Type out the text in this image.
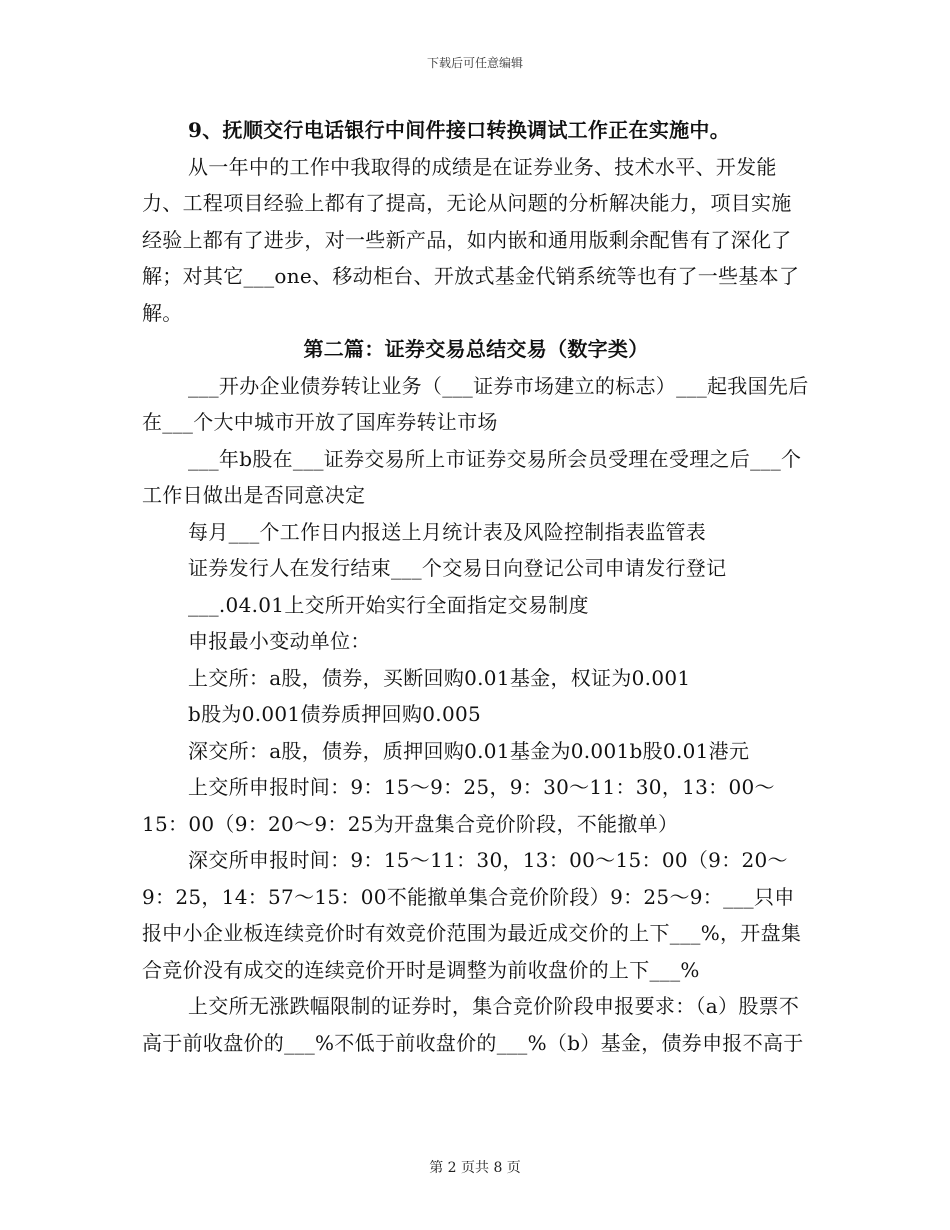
下载后可任意编辑

9、抚顺交行电话银行中间件接口转换调试工作正在实施中。

从一年中的工作中我取得的成绩是在证券业务、技术水平、开发能力、工程项目经验上都有了提高，无论从问题的分析解决能力，项目实施经验上都有了进步，对一些新产品，如内嵌和通用版剩余配售有了深化了解；对其它___one、移动柜台、开放式基金代销系统等也有了一些基本了解。

第二篇：证券交易总结交易（数字类）

___开办企业债券转让业务（___证券市场建立的标志）___起我国先后在___个大中城市开放了国库券转让市场

___年b股在___证券交易所上市证券交易所会员受理在受理之后___个工作日做出是否同意决定

每月___个工作日内报送上月统计表及风险控制指表监管表

证券发行人在发行结束___个交易日向登记公司申请发行登记

___.04.01上交所开始实行全面指定交易制度

申报最小变动单位：

上交所：a股，债券，买断回购0.01基金，权证为0.001

b股为0.001债券质押回购0.005

深交所：a股，债券，质押回购0.01基金为0.001b股0.01港元

上交所申报时间：9：15～9：25，9：30～11：30，13：00～15：00（9：20～9：25为开盘集合竞价阶段，不能撤单）

深交所申报时间：9：15～11：30，13：00～15：00（9：20～9：25，14：57～15：00不能撤单集合竞价阶段）9：25～9：___只申报中小企业板连续竞价时有效竞价范围为最近成交价的上下___%，开盘集合竞价没有成交的连续竞价开时是调整为前收盘价的上下___%

上交所无涨跌幅限制的证券时，集合竞价阶段申报要求：（a）股票不高于前收盘价的___%不低于前收盘价的___%（b）基金，债券申报不高于

第 2 页共 8 页
